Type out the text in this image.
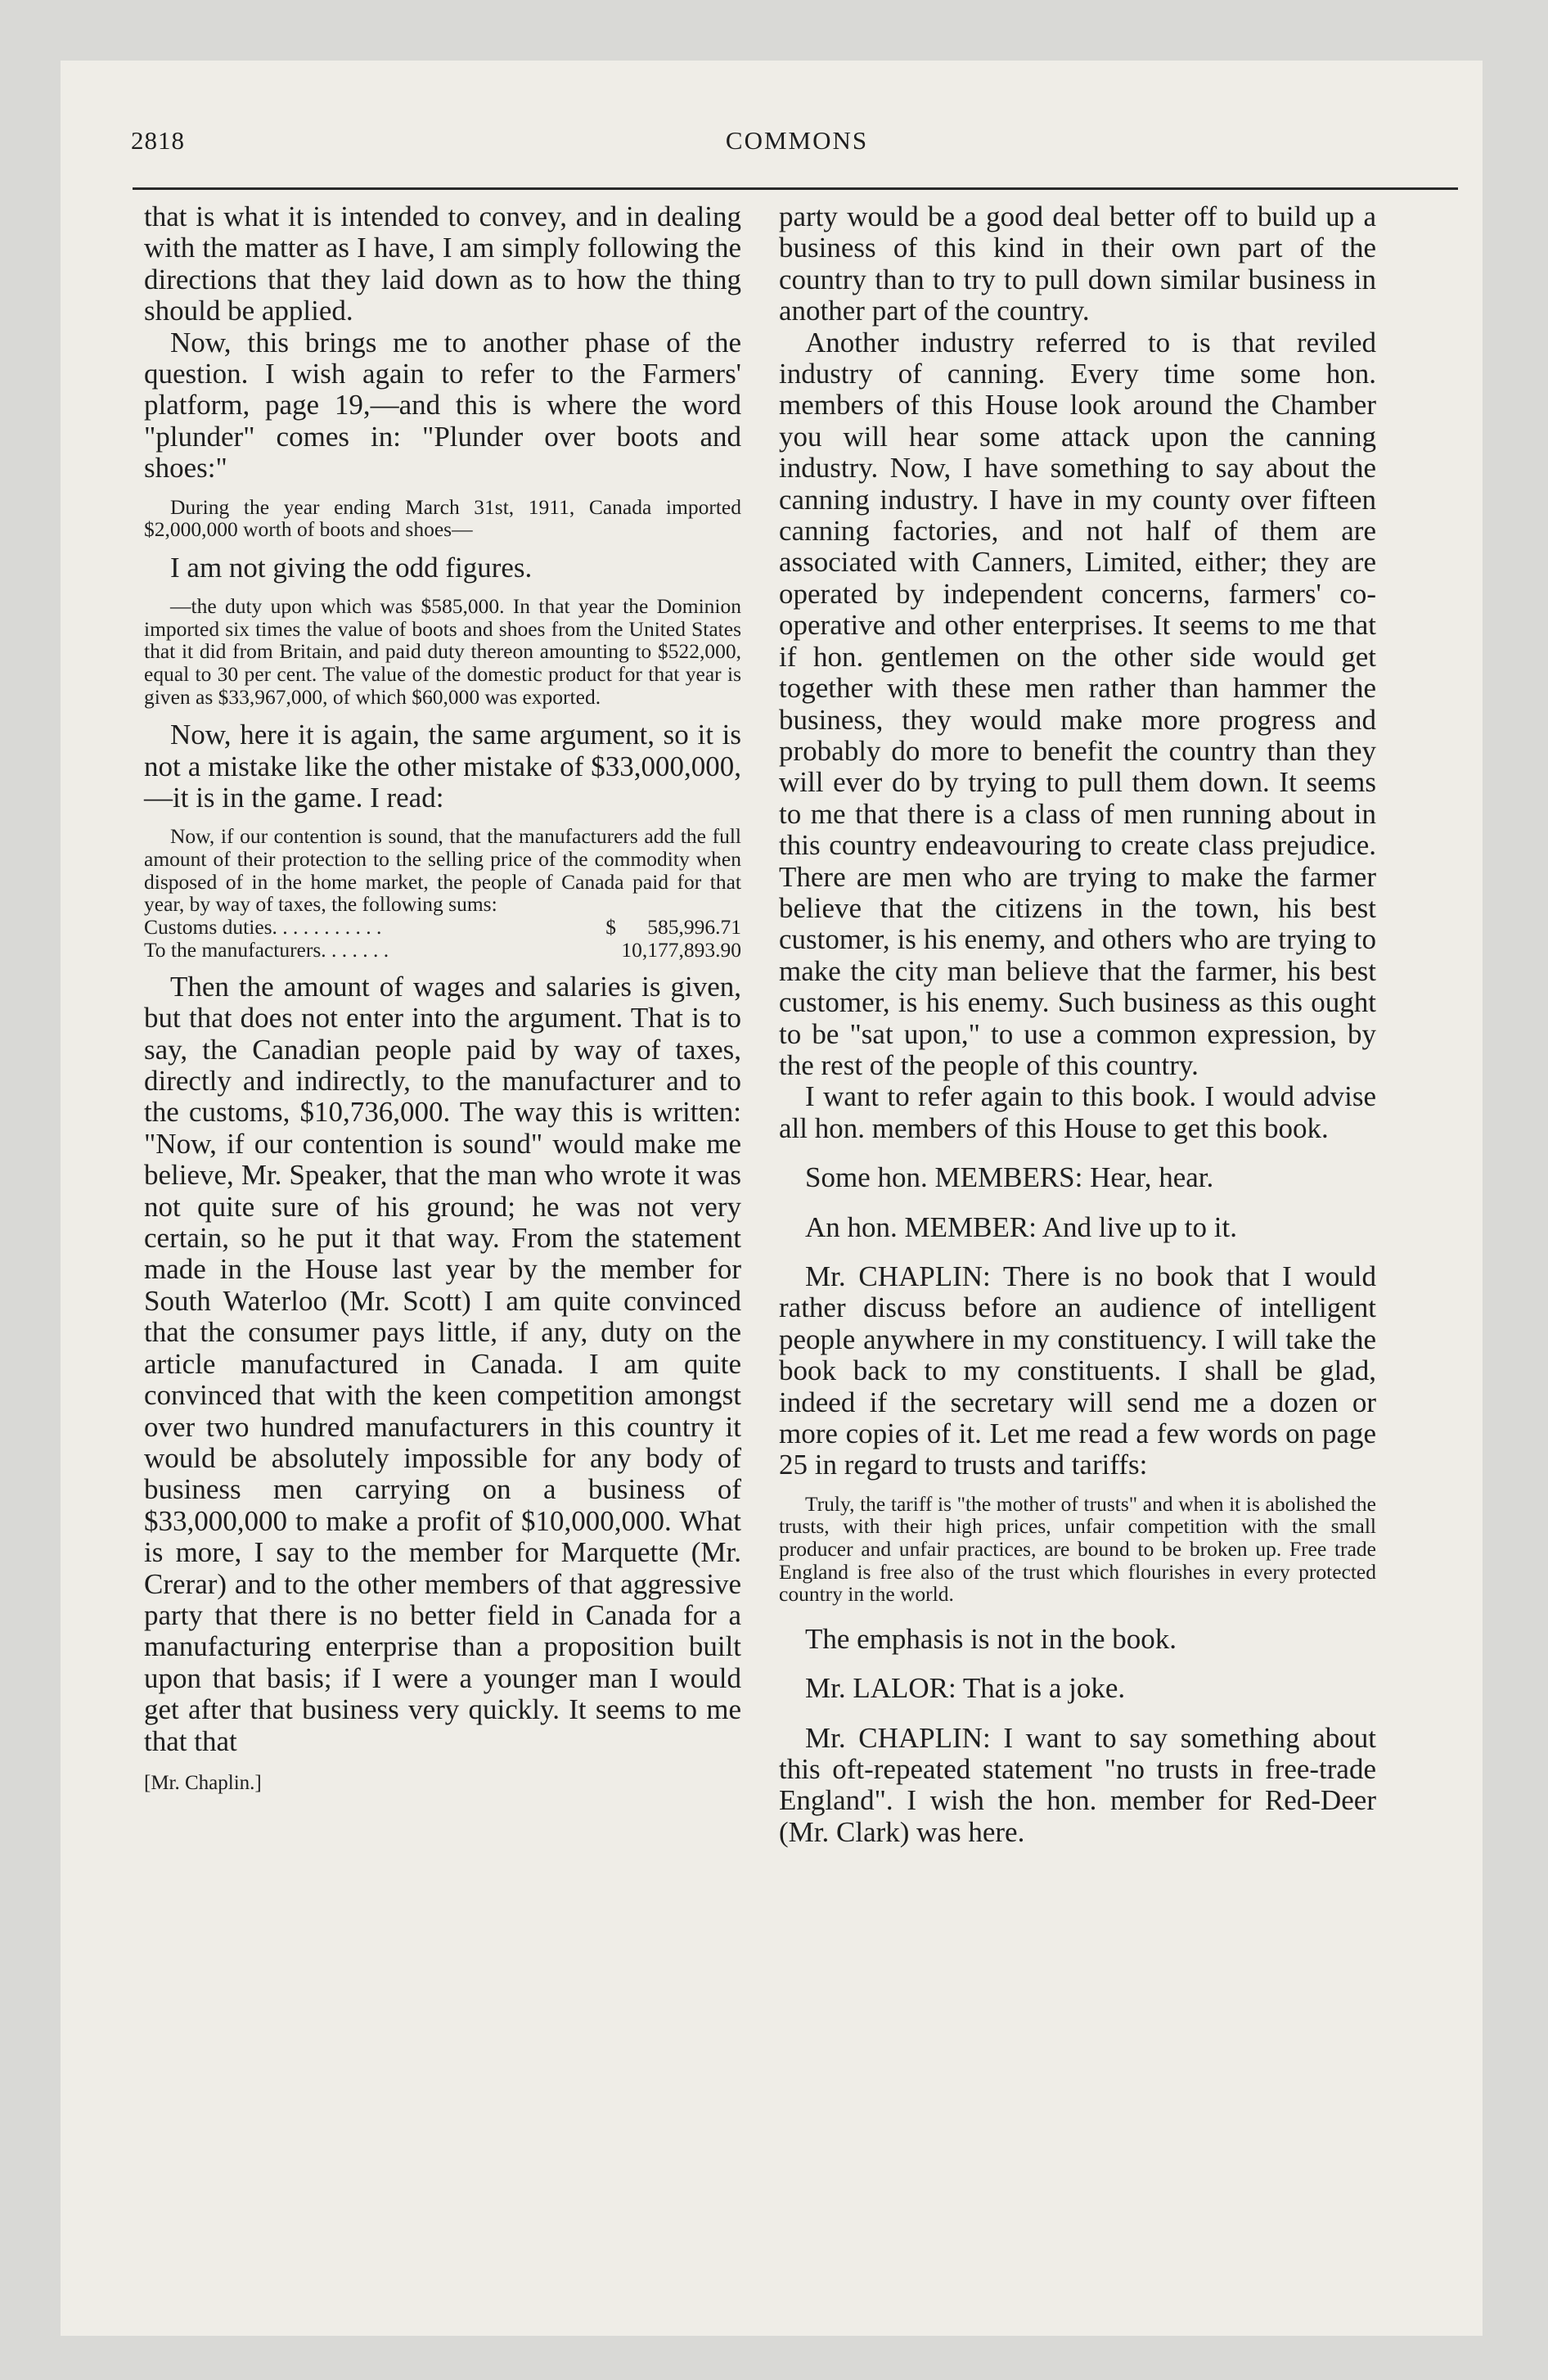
2818	COMMONS

that is what it is intended to convey, and in dealing with the matter as I have, I am simply following the directions that they laid down as to how the thing should be applied.

Now, this brings me to another phase of the question. I wish again to refer to the Farmers' platform, page 19,—and this is where the word "plunder" comes in: "Plunder over boots and shoes:"

During the year ending March 31st, 1911, Canada imported $2,000,000 worth of boots and shoes—

I am not giving the odd figures.

—the duty upon which was $585,000. In that year the Dominion imported six times the value of boots and shoes from the United States that it did from Britain, and paid duty thereon amounting to $522,000, equal to 30 per cent. The value of the domestic product for that year is given as $33,967,000, of which $60,000 was exported.

Now, here it is again, the same argument, so it is not a mistake like the other mistake of $33,000,000,—it is in the game. I read:

Now, if our contention is sound, that the manufacturers add the full amount of their protection to the selling price of the commodity when disposed of in the home market, the people of Canada paid for that year, by way of taxes, the following sums:

Customs duties. . . . . . . . . . .	$      585,996.71
To the manufacturers. . . . . . .	10,177,893.90

Then the amount of wages and salaries is given, but that does not enter into the argument. That is to say, the Canadian people paid by way of taxes, directly and indirectly, to the manufacturer and to the customs, $10,736,000. The way this is written: "Now, if our contention is sound" would make me believe, Mr. Speaker, that the man who wrote it was not quite sure of his ground; he was not very certain, so he put it that way. From the statement made in the House last year by the member for South Waterloo (Mr. Scott) I am quite convinced that the consumer pays little, if any, duty on the article manufactured in Canada. I am quite convinced that with the keen competition amongst over two hundred manufacturers in this country it would be absolutely impossible for any body of business men carrying on a business of $33,000,000 to make a profit of $10,000,000. What is more, I say to the member for Marquette (Mr. Crerar) and to the other members of that aggressive party that there is no better field in Canada for a manufacturing enterprise than a proposition built upon that basis; if I were a younger man I would get after that business very quickly. It seems to me that that

[Mr. Chaplin.]

party would be a good deal better off to build up a business of this kind in their own part of the country than to try to pull down similar business in another part of the country.

Another industry referred to is that reviled industry of canning. Every time some hon. members of this House look around the Chamber you will hear some attack upon the canning industry. Now, I have something to say about the canning industry. I have in my county over fifteen canning factories, and not half of them are associated with Canners, Limited, either; they are operated by independent concerns, farmers' co-operative and other enterprises. It seems to me that if hon. gentlemen on the other side would get together with these men rather than hammer the business, they would make more progress and probably do more to benefit the country than they will ever do by trying to pull them down. It seems to me that there is a class of men running about in this country endeavouring to create class prejudice. There are men who are trying to make the farmer believe that the citizens in the town, his best customer, is his enemy, and others who are trying to make the city man believe that the farmer, his best customer, is his enemy. Such business as this ought to be "sat upon," to use a common expression, by the rest of the people of this country.

I want to refer again to this book. I would advise all hon. members of this House to get this book.

Some hon. MEMBERS: Hear, hear.

An hon. MEMBER: And live up to it.

Mr. CHAPLIN: There is no book that I would rather discuss before an audience of intelligent people anywhere in my constituency. I will take the book back to my constituents. I shall be glad, indeed if the secretary will send me a dozen or more copies of it. Let me read a few words on page 25 in regard to trusts and tariffs:

Truly, the tariff is "the mother of trusts" and when it is abolished the trusts, with their high prices, unfair competition with the small producer and unfair practices, are bound to be broken up. Free trade England is free also of the trust which flourishes in every protected country in the world.

The emphasis is not in the book.

Mr. LALOR: That is a joke.

Mr. CHAPLIN: I want to say something about this oft-repeated statement "no trusts in free-trade England". I wish the hon. member for Red-Deer (Mr. Clark) was here.
